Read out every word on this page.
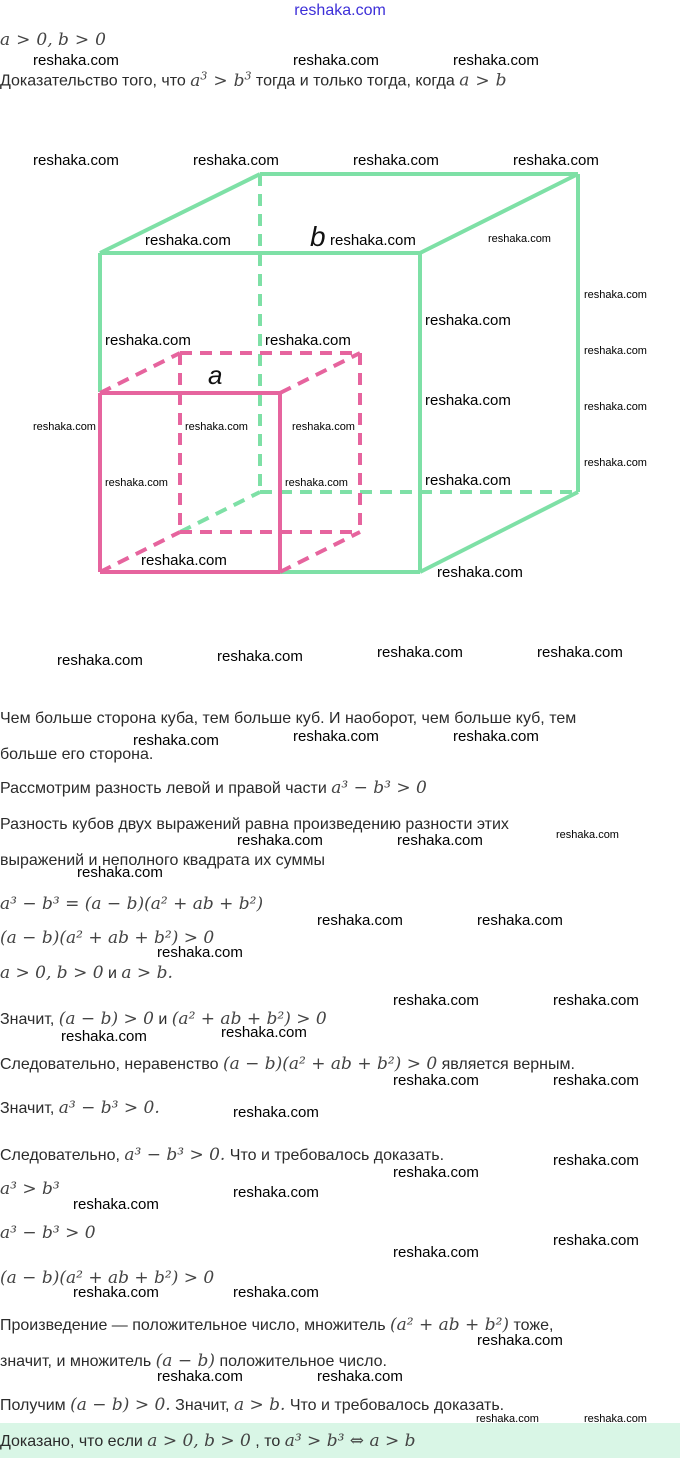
reshaka.com
a > 0, b > 0
Доказательство того, что $a^3 > b^3$ тогда и только тогда, когда a > b
b
a
Чем больше сторона куба, тем больше куб. И наоборот, чем больше куб, тем
больше его сторона.
Рассмотрим разность левой и правой части a³ − b³ > 0
Разность кубов двух выражений равна произведению разности этих
выражений и неполного квадрата их суммы
a³ − b³ = (a − b)(a² + ab + b²)
(a − b)(a² + ab + b²) > 0
a > 0, b > 0 и a > b.
Значит, (a − b) > 0 и (a² + ab + b²) > 0
Следовательно, неравенство (a − b)(a² + ab + b²) > 0 является верным.
Значит, a³ − b³ > 0.
Следовательно, a³ − b³ > 0. Что и требовалось доказать.
a³ > b³
a³ − b³ > 0
(a − b)(a² + ab + b²) > 0
Произведение — положительное число, множитель (a² + ab + b²) тоже,
значит, и множитель (a − b) положительное число.
Получим (a − b) > 0. Значит, a > b. Что и требовалось доказать.
Доказано, что если a > 0, b > 0 , то a³ > b³ ⇔ a > b
reshaka.com	reshaka.com	reshaka.com
reshaka.com	reshaka.com	reshaka.com	reshaka.com
reshaka.com	reshaka.com	reshaka.com
reshaka.com
reshaka.com
reshaka.com	reshaka.com
reshaka.com
reshaka.com	reshaka.com
reshaka.com	reshaka.com	reshaka.com
reshaka.com
reshaka.com
reshaka.com	reshaka.com
reshaka.com
reshaka.com
reshaka.com	reshaka.com
reshaka.com
reshaka.com
reshaka.com	reshaka.com
reshaka.com
reshaka.com
reshaka.com	reshaka.com
reshaka.com
reshaka.com	reshaka.com
reshaka.com
reshaka.com	reshaka.com
reshaka.com
reshaka.com
reshaka.com	reshaka.com
reshaka.com
reshaka.com
reshaka.com
reshaka.com
reshaka.com
reshaka.com
reshaka.com
reshaka.com	reshaka.com
reshaka.com
reshaka.com	reshaka.com
reshaka.com	reshaka.com
